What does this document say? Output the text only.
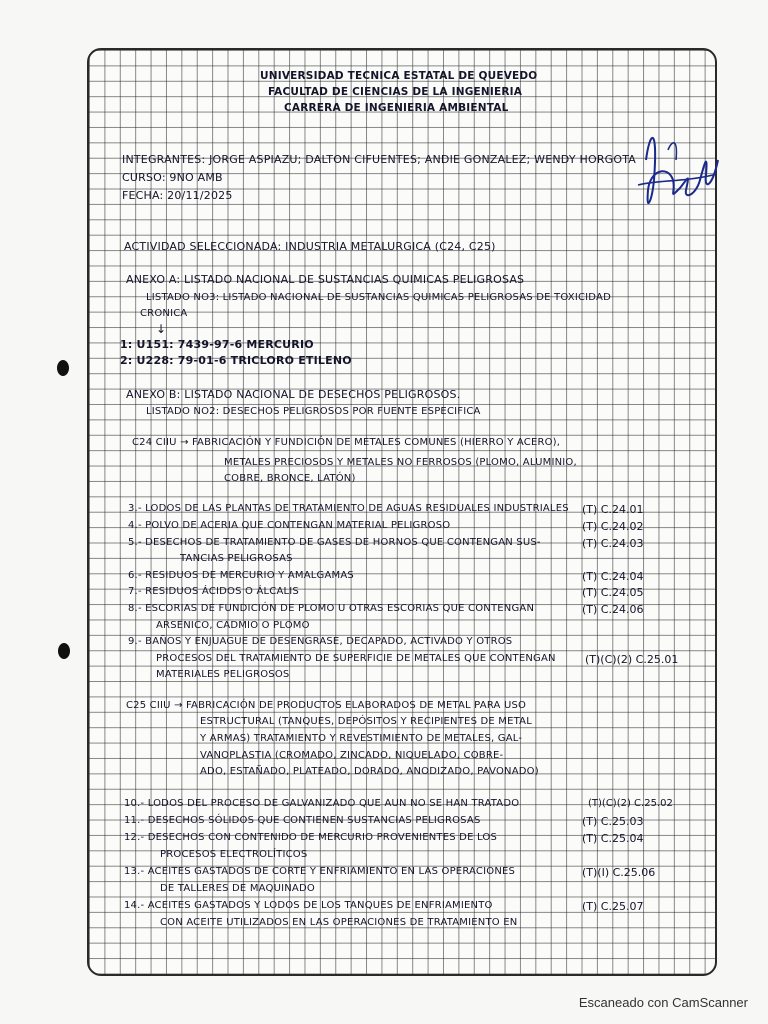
UNIVERSIDAD TECNICA ESTATAL DE QUEVEDO
FACULTAD DE CIENCIAS DE LA INGENIERIA
CARRERA DE INGENIERIA AMBIENTAL
INTEGRANTES: JORGE ASPIAZU; DALTON CIFUENTES; ANDIE GONZALEZ; WENDY HORGOTA
CURSO: 9NO AMB
FECHA: 20/11/2025
ACTIVIDAD SELECCIONADA: INDUSTRIA METALURGICA (C24, C25)
ANEXO A: LISTADO NACIONAL DE SUSTANCIAS QUIMICAS PELIGROSAS
LISTADO NO3: LISTADO NACIONAL DE SUSTANCIAS QUIMICAS PELIGROSAS DE TOXICIDAD
CRONICA
↓
1: U151: 7439-97-6 MERCURIO
2: U228: 79-01-6 TRICLORO ETILENO
ANEXO B: LISTADO NACIONAL DE DESECHOS PELIGROSOS.
LISTADO NO2: DESECHOS PELIGROSOS POR FUENTE ESPECIFICA
C24 CIIU → FABRICACIÓN Y FUNDICIÓN DE METALES COMUNES (HIERRO Y ACERO),
METALES PRECIOSOS Y METALES NO FERROSOS (PLOMO, ALUMINIO,
COBRE, BRONCE, LATÓN)
3.- LODOS DE LAS PLANTAS DE TRATAMIENTO DE AGUAS RESIDUALES INDUSTRIALES (T) C.24.01
4.- POLVO DE ACERIA QUE CONTENGAN MATERIAL PELIGROSO	(T) C.24.02
5.- DESECHOS DE TRATAMIENTO DE GASES DE HORNOS QUE CONTENGAN SUS-	(T) C.24.03
TANCIAS PELIGROSAS
6.- RESIDUOS DE MERCURIO Y AMALGAMAS	(T) C.24.04
7.- RESIDUOS ÁCIDOS O ÁLCALIS	(T) C.24.05
8.- ESCORIAS DE FUNDICIÓN DE PLOMO U OTRAS ESCORIAS QUE CONTENGAN	(T) C.24.06
ARSENICO, CADMIO O PLOMO
9.- BAÑOS Y ENJUAGUE DE DESENGRASE, DECAPADO, ACTIVADO Y OTROS
PROCESOS DEL TRATAMIENTO DE SUPERFICIE DE METALES QUE CONTENGAN	(T)(C)(2) C.25.01
MATERIALES PELIGROSOS
C25 CIIU → FABRICACIÓN DE PRODUCTOS ELABORADOS DE METAL PARA USO
ESTRUCTURAL (TANQUES, DEPÓSITOS Y RECIPIENTES DE METAL
Y ARMAS) TRATAMIENTO Y REVESTIMIENTO DE METALES, GAL-
VANOPLASTIA (CROMADO, ZINCADO, NIQUELADO, COBRE-
ADO, ESTAÑADO, PLATEADO, DORADO, ANODIZADO, PAVONADO)
10.- LODOS DEL PROCESO DE GALVANIZADO QUE AUN NO SE HAN TRATADO	(T)(C)(2) C.25.02
11.- DESECHOS SÓLIDOS QUE CONTIENEN SUSTANCIAS PELIGROSAS	(T) C.25.03
12.- DESECHOS CON CONTENIDO DE MERCURIO PROVENIENTES DE LOS	(T) C.25.04
PROCESOS ELECTROLÍTICOS
13.- ACEITES GASTADOS DE CORTE Y ENFRIAMIENTO EN LAS OPERACIONES	(T)(I) C.25.06
DE TALLERES DE MAQUINADO
14.- ACEITES GASTADOS Y LODOS DE LOS TANQUES DE ENFRIAMIENTO	(T) C.25.07
CON ACEITE UTILIZADOS EN LAS OPERACIONES DE TRATAMIENTO EN
Escaneado con CamScanner
